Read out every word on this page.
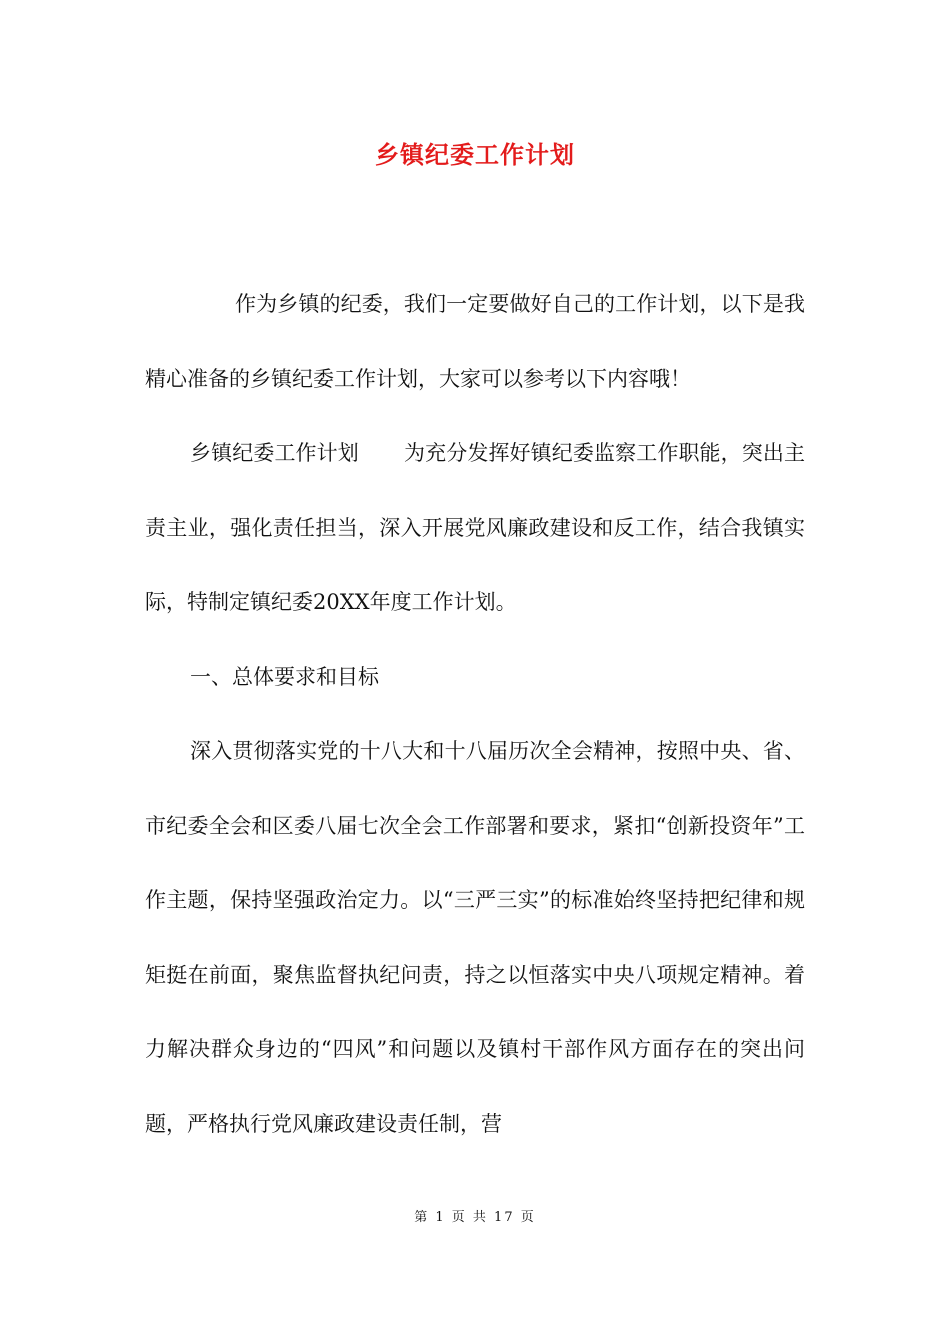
乡镇纪委工作计划

作为乡镇的纪委，我们一定要做好自己的工作计划，以下是我精心准备的乡镇纪委工作计划，大家可以参考以下内容哦！

乡镇纪委工作计划 为充分发挥好镇纪委监察工作职能，突出主责主业，强化责任担当，深入开展党风廉政建设和反工作，结合我镇实际，特制定镇纪委20XX年度工作计划。

一、总体要求和目标

深入贯彻落实党的十八大和十八届历次全会精神，按照中央、省、市纪委全会和区委八届七次全会工作部署和要求，紧扣“创新投资年”工作主题，保持坚强政治定力。以“三严三实”的标准始终坚持把纪律和规矩挺在前面，聚焦监督执纪问责，持之以恒落实中央八项规定精神。着力解决群众身边的“四风”和问题以及镇村干部作风方面存在的突出问题，严格执行党风廉政建设责任制，营

第 1 页 共 17 页
